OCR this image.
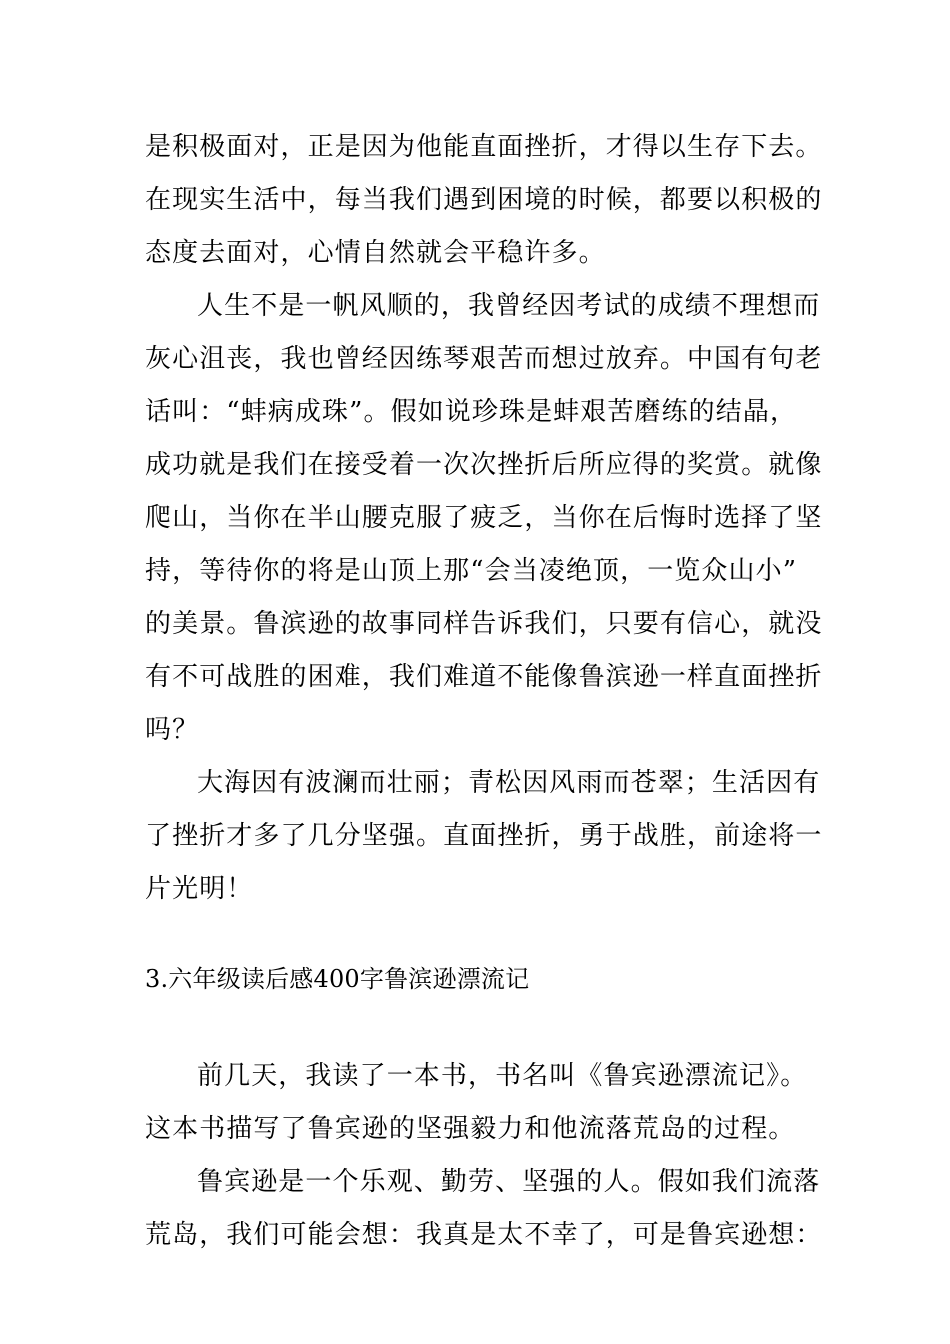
是积极面对，正是因为他能直面挫折，才得以生存下去。
在现实生活中，每当我们遇到困境的时候，都要以积极的
态度去面对，心情自然就会平稳许多。
人生不是一帆风顺的，我曾经因考试的成绩不理想而
灰心沮丧，我也曾经因练琴艰苦而想过放弃。中国有句老
话叫：“蚌病成珠”。假如说珍珠是蚌艰苦磨练的结晶，
成功就是我们在接受着一次次挫折后所应得的奖赏。就像
爬山，当你在半山腰克服了疲乏，当你在后悔时选择了坚
持，等待你的将是山顶上那“会当凌绝顶，一览众山小”
的美景。鲁滨逊的故事同样告诉我们，只要有信心，就没
有不可战胜的困难，我们难道不能像鲁滨逊一样直面挫折
吗？
大海因有波澜而壮丽；青松因风雨而苍翠；生活因有
了挫折才多了几分坚强。直面挫折，勇于战胜，前途将一
片光明！
3.六年级读后感400字鲁滨逊漂流记
前几天，我读了一本书，书名叫《鲁宾逊漂流记》。
这本书描写了鲁宾逊的坚强毅力和他流落荒岛的过程。
鲁宾逊是一个乐观、勤劳、坚强的人。假如我们流落
荒岛，我们可能会想：我真是太不幸了，可是鲁宾逊想：
